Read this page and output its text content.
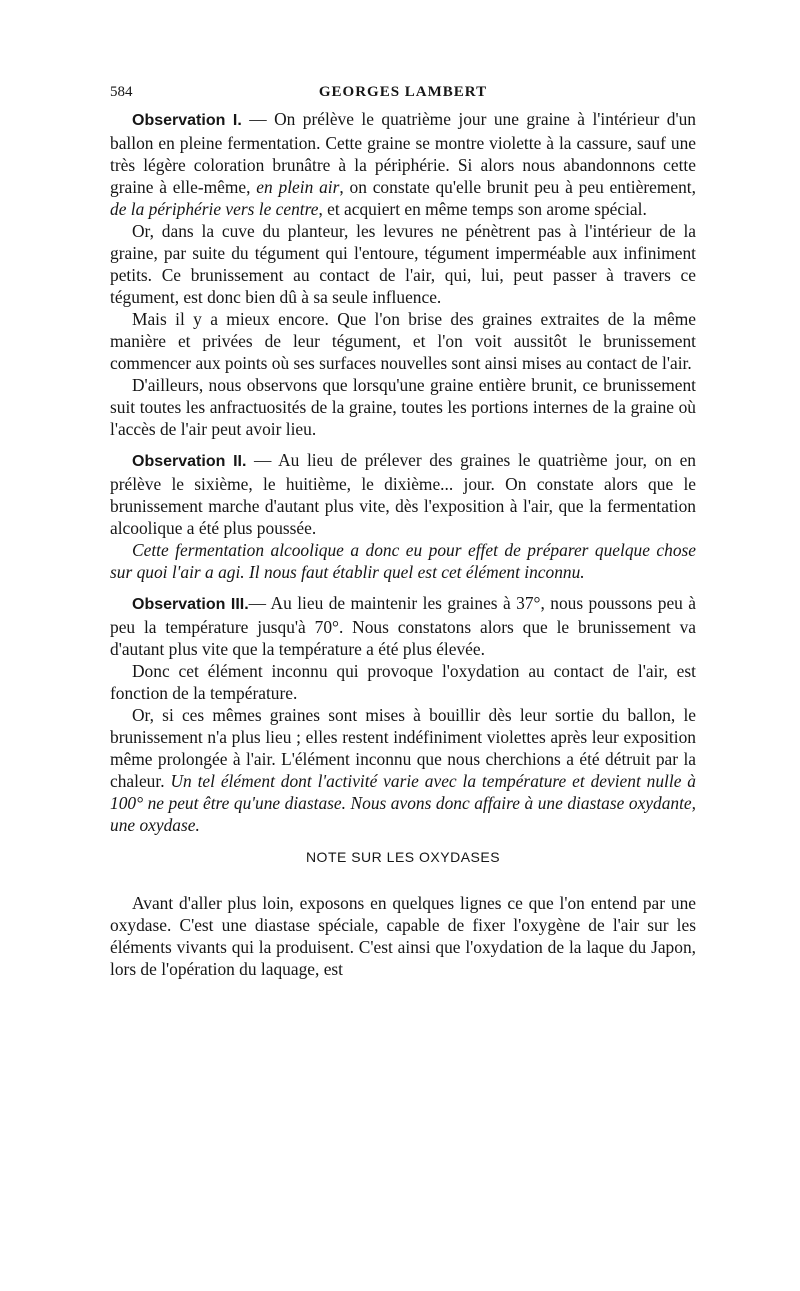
584	GEORGES LAMBERT

Observation I. — On prélève le quatrième jour une graine à l'intérieur d'un ballon en pleine fermentation. Cette graine se montre violette à la cassure, sauf une très légère coloration brunâtre à la périphérie. Si alors nous abandonnons cette graine à elle-même, en plein air, on constate qu'elle brunit peu à peu entièrement, de la périphérie vers le centre, et acquiert en même temps son arome spécial.

Or, dans la cuve du planteur, les levures ne pénètrent pas à l'intérieur de la graine, par suite du tégument qui l'entoure, tégument imperméable aux infiniment petits. Ce brunissement au contact de l'air, qui, lui, peut passer à travers ce tégument, est donc bien dû à sa seule influence.

Mais il y a mieux encore. Que l'on brise des graines extraites de la même manière et privées de leur tégument, et l'on voit aussitôt le brunissement commencer aux points où ses surfaces nouvelles sont ainsi mises au contact de l'air.

D'ailleurs, nous observons que lorsqu'une graine entière brunit, ce brunissement suit toutes les anfractuosités de la graine, toutes les portions internes de la graine où l'accès de l'air peut avoir lieu.

Observation II. — Au lieu de prélever des graines le quatrième jour, on en prélève le sixième, le huitième, le dixième... jour. On constate alors que le brunissement marche d'autant plus vite, dès l'exposition à l'air, que la fermentation alcoolique a été plus poussée.

Cette fermentation alcoolique a donc eu pour effet de préparer quelque chose sur quoi l'air a agi. Il nous faut établir quel est cet élément inconnu.

Observation III.— Au lieu de maintenir les graines à 37°, nous poussons peu à peu la température jusqu'à 70°. Nous constatons alors que le brunissement va d'autant plus vite que la température a été plus élevée.

Donc cet élément inconnu qui provoque l'oxydation au contact de l'air, est fonction de la température.

Or, si ces mêmes graines sont mises à bouillir dès leur sortie du ballon, le brunissement n'a plus lieu ; elles restent indéfiniment violettes après leur exposition même prolongée à l'air. L'élément inconnu que nous cherchions a été détruit par la chaleur. Un tel élément dont l'activité varie avec la température et devient nulle à 100° ne peut être qu'une diastase. Nous avons donc affaire à une diastase oxydante, une oxydase.

NOTE SUR LES OXYDASES

Avant d'aller plus loin, exposons en quelques lignes ce que l'on entend par une oxydase. C'est une diastase spéciale, capable de fixer l'oxygène de l'air sur les éléments vivants qui la produisent. C'est ainsi que l'oxydation de la laque du Japon, lors de l'opération du laquage, est
